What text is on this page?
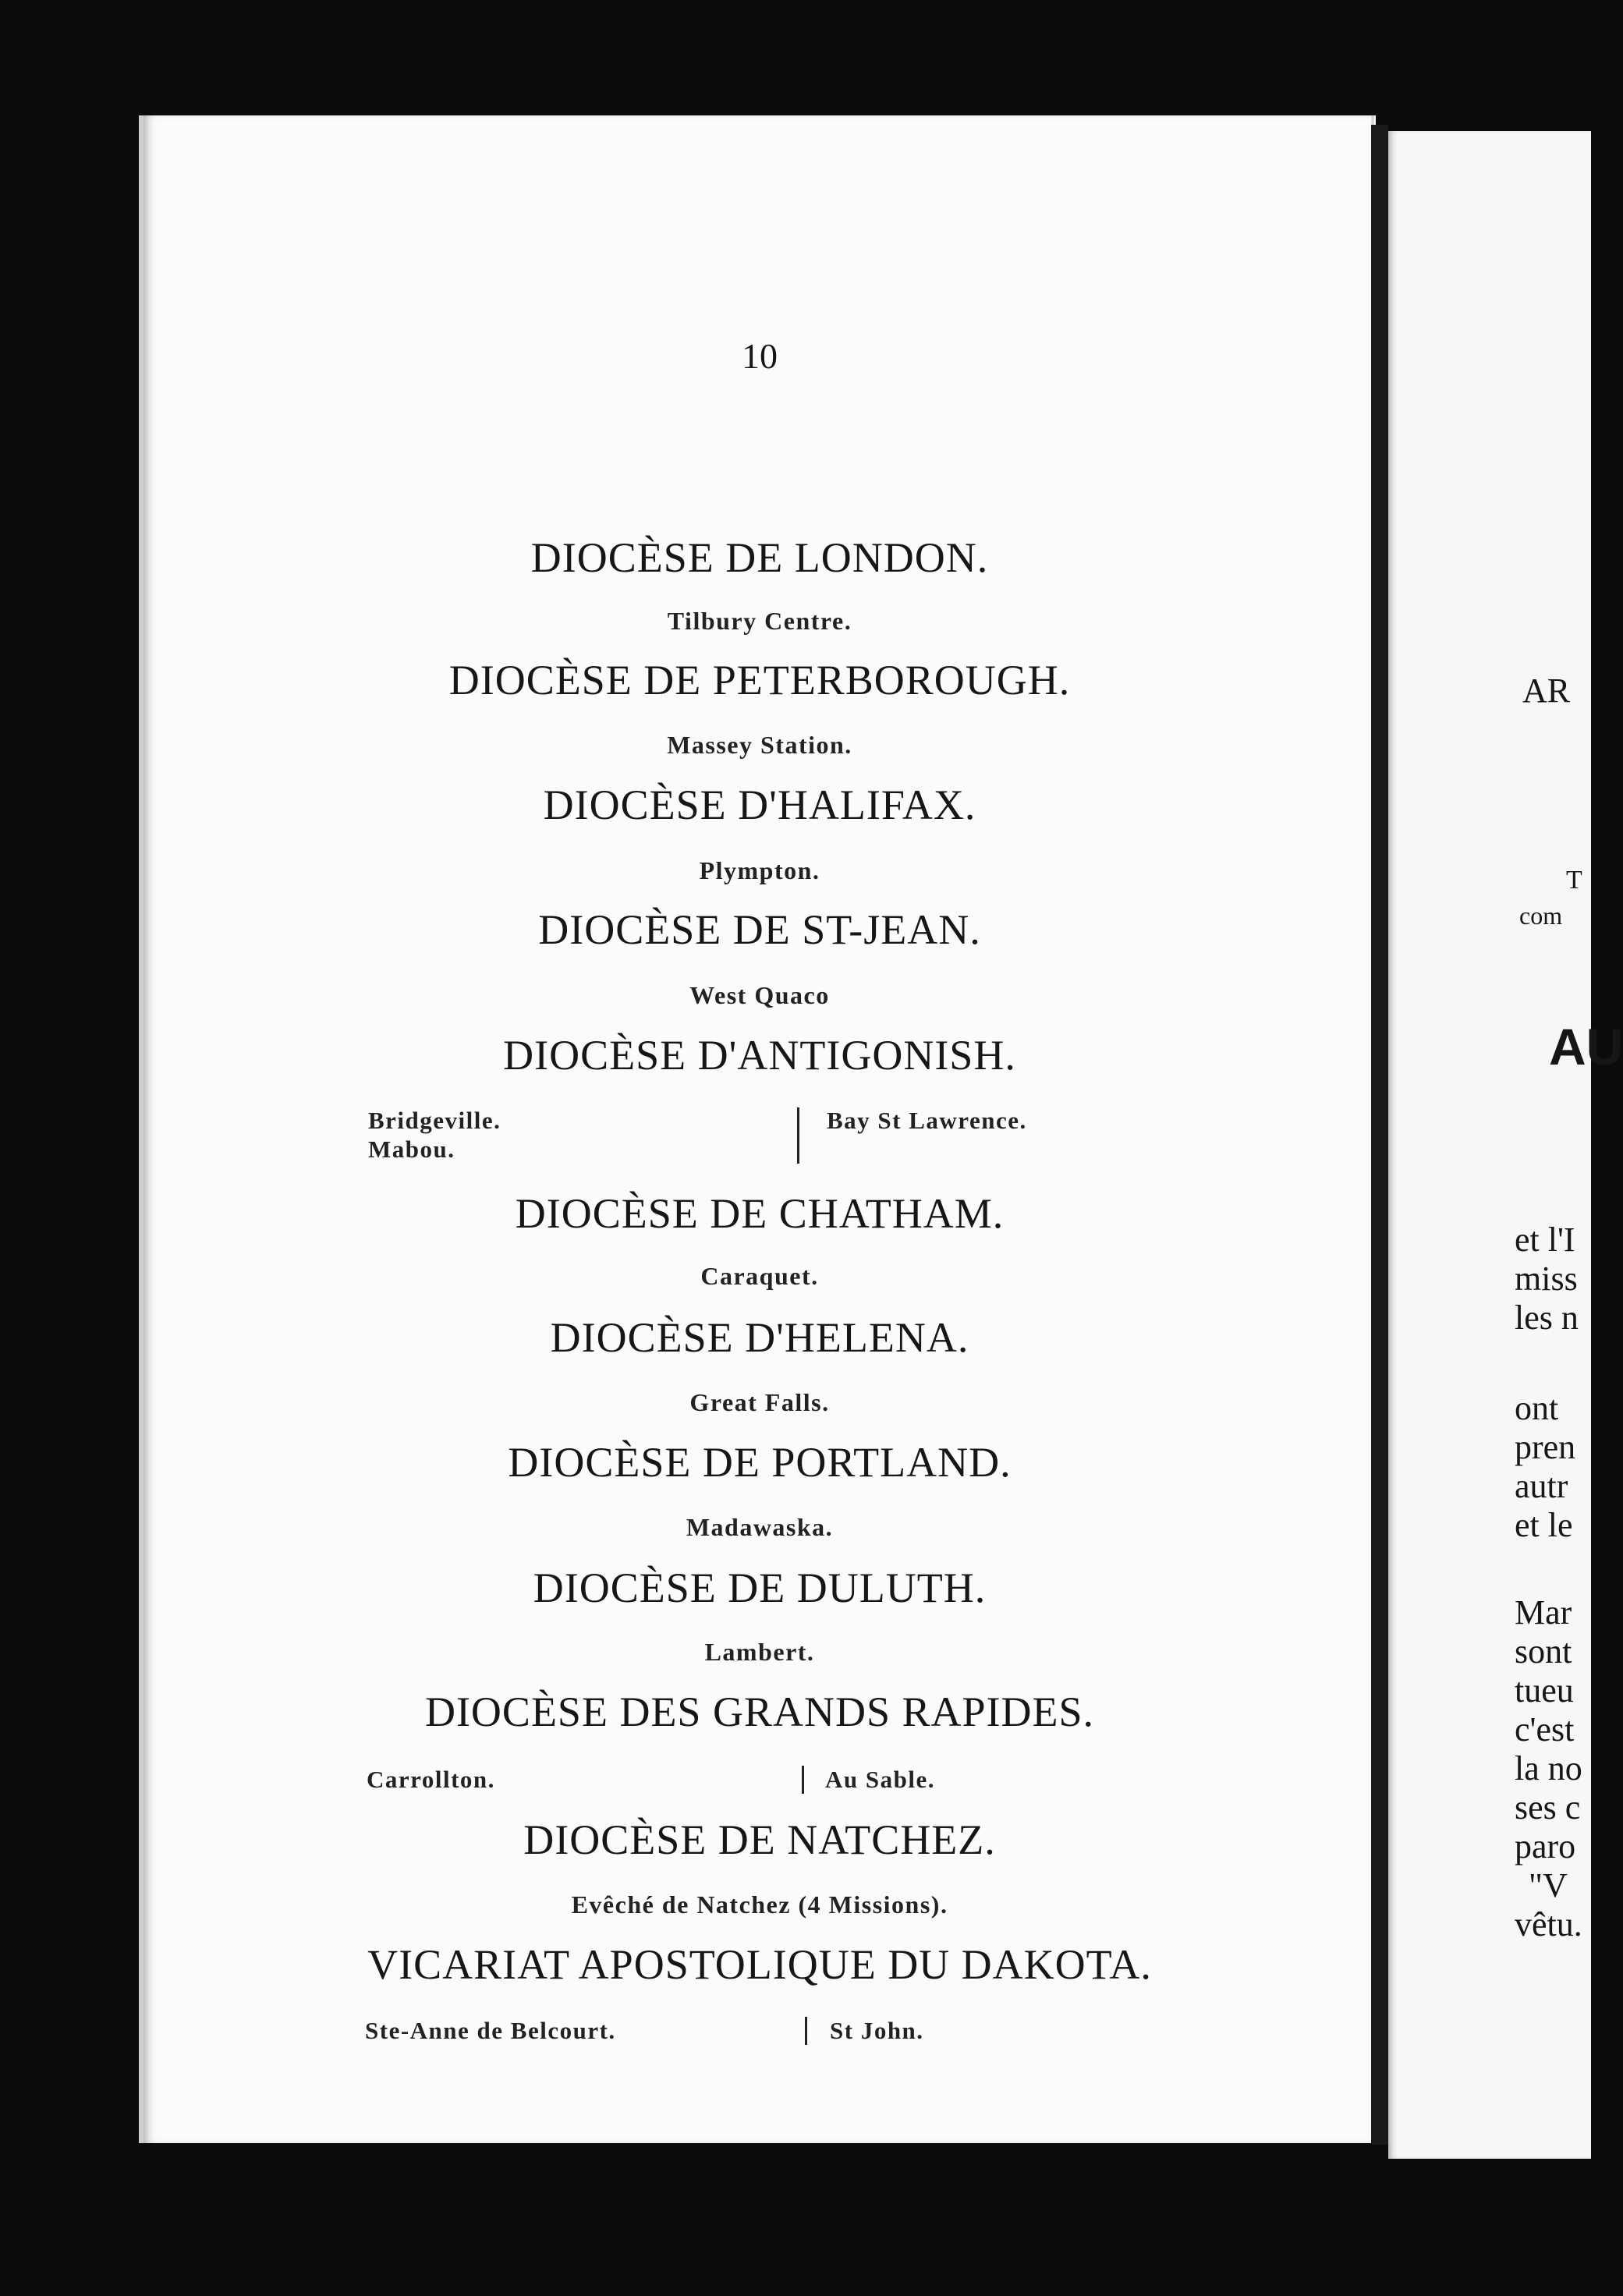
10
DIOCÈSE DE LONDON.
Tilbury Centre.
DIOCÈSE DE PETERBOROUGH.
Massey Station.
DIOCÈSE D'HALIFAX.
Plympton.
DIOCÈSE DE ST-JEAN.
West Quaco
DIOCÈSE D'ANTIGONISH.
Bridgeville.
Mabou.
Bay St Lawrence.
DIOCÈSE DE CHATHAM.
Caraquet.
DIOCÈSE D'HELENA.
Great Falls.
DIOCÈSE DE PORTLAND.
Madawaska.
DIOCÈSE DE DULUTH.
Lambert.
DIOCÈSE DES GRANDS RAPIDES.
Carrollton.	Au Sable.
DIOCÈSE DE NATCHEZ.
Evêché de Natchez (4 Missions).
VICARIAT APOSTOLIQUE DU DAKOTA.
Ste-Anne de Belcourt.	St John.
AR
T
com
AU
et l'I
miss
les n
ont
pren
autr
et le
Mar
sont
tueu
c'est
la no
ses c
paro
"V
vêtu.
